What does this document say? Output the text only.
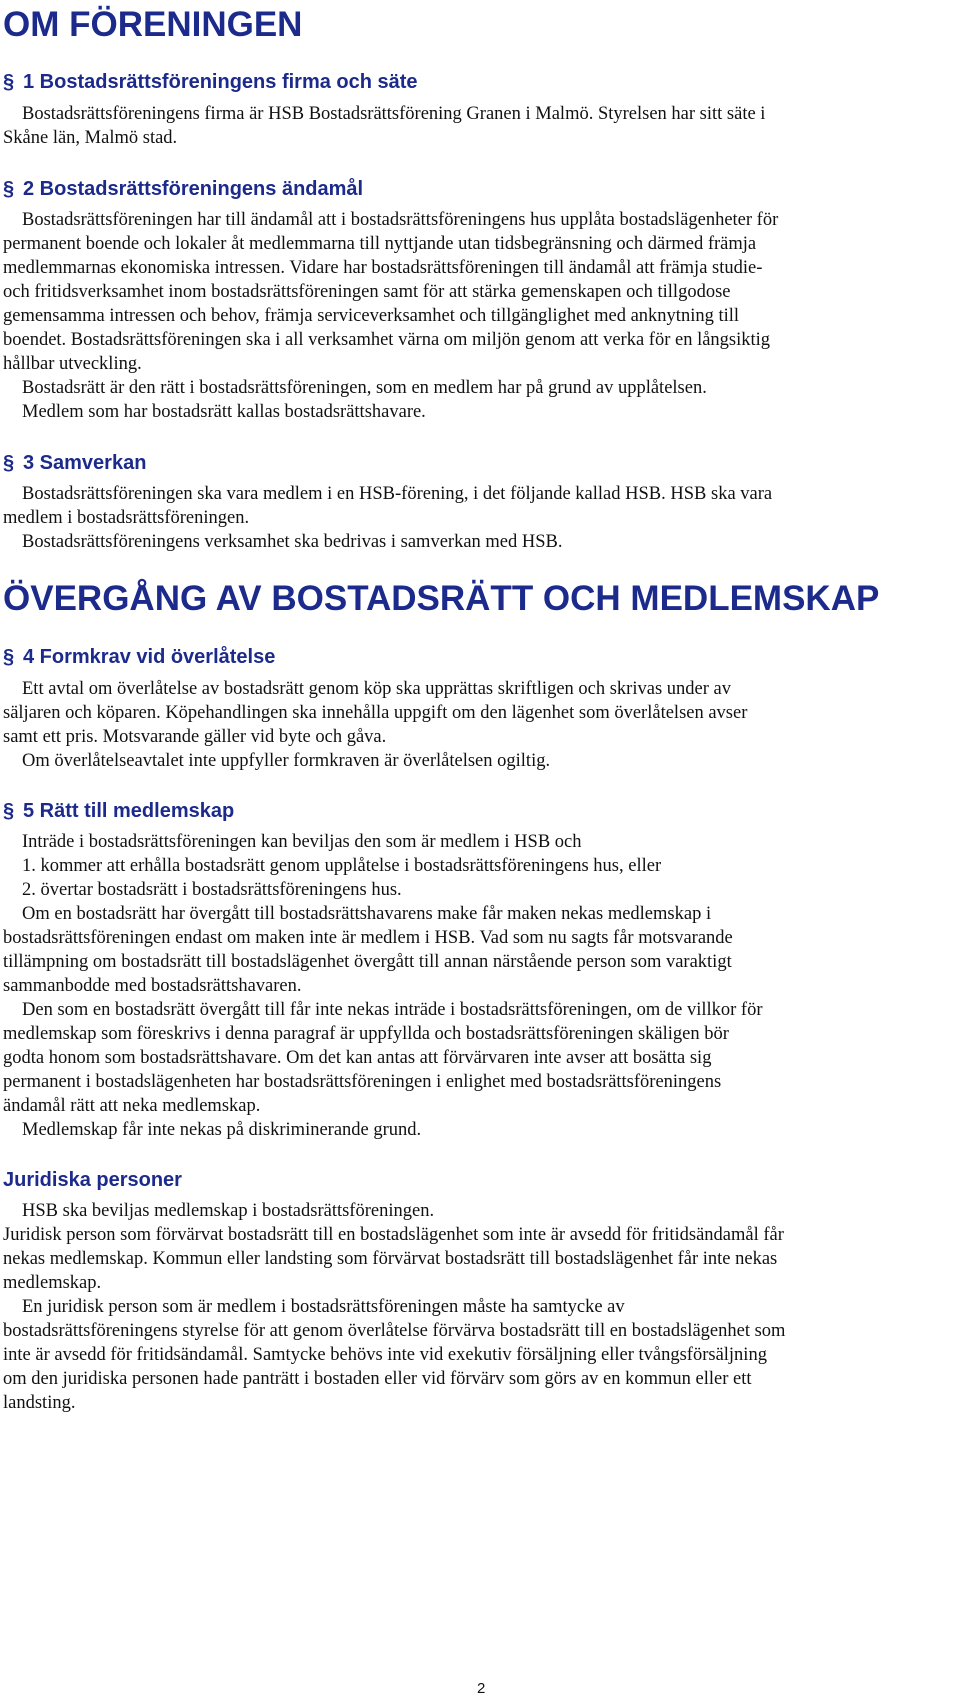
OM FÖRENINGEN
§ 1 Bostadsrättsföreningens firma och säte
Bostadsrättsföreningens firma är HSB Bostadsrättsförening Granen i Malmö. Styrelsen har sitt säte i
Skåne län, Malmö stad.
§ 2 Bostadsrättsföreningens ändamål
Bostadsrättsföreningen har till ändamål att i bostadsrättsföreningens hus upplåta bostadslägenheter för
permanent boende och lokaler åt medlemmarna till nyttjande utan tidsbegränsning och därmed främja
medlemmarnas ekonomiska intressen. Vidare har bostadsrättsföreningen till ändamål att främja studie-
och fritidsverksamhet inom bostadsrättsföreningen samt för att stärka gemenskapen och tillgodose
gemensamma intressen och behov, främja serviceverksamhet och tillgänglighet med anknytning till
boendet. Bostadsrättsföreningen ska i all verksamhet värna om miljön genom att verka för en långsiktig
hållbar utveckling.
Bostadsrätt är den rätt i bostadsrättsföreningen, som en medlem har på grund av upplåtelsen.
Medlem som har bostadsrätt kallas bostadsrättshavare.
§ 3 Samverkan
Bostadsrättsföreningen ska vara medlem i en HSB-förening, i det följande kallad HSB. HSB ska vara
medlem i bostadsrättsföreningen.
Bostadsrättsföreningens verksamhet ska bedrivas i samverkan med HSB.
ÖVERGÅNG AV BOSTADSRÄTT OCH MEDLEMSKAP
§ 4 Formkrav vid överlåtelse
Ett avtal om överlåtelse av bostadsrätt genom köp ska upprättas skriftligen och skrivas under av
säljaren och köparen. Köpehandlingen ska innehålla uppgift om den lägenhet som överlåtelsen avser
samt ett pris. Motsvarande gäller vid byte och gåva.
Om överlåtelseavtalet inte uppfyller formkraven är överlåtelsen ogiltig.
§ 5 Rätt till medlemskap
Inträde i bostadsrättsföreningen kan beviljas den som är medlem i HSB och
1. kommer att erhålla bostadsrätt genom upplåtelse i bostadsrättsföreningens hus, eller
2. övertar bostadsrätt i bostadsrättsföreningens hus.
Om en bostadsrätt har övergått till bostadsrättshavarens make får maken nekas medlemskap i
bostadsrättsföreningen endast om maken inte är medlem i HSB. Vad som nu sagts får motsvarande
tillämpning om bostadsrätt till bostadslägenhet övergått till annan närstående person som varaktigt
sammanbodde med bostadsrättshavaren.
Den som en bostadsrätt övergått till får inte nekas inträde i bostadsrättsföreningen, om de villkor för
medlemskap som föreskrivs i denna paragraf är uppfyllda och bostadsrättsföreningen skäligen bör
godta honom som bostadsrättshavare. Om det kan antas att förvärvaren inte avser att bosätta sig
permanent i bostadslägenheten har bostadsrättsföreningen i enlighet med bostadsrättsföreningens
ändamål rätt att neka medlemskap.
Medlemskap får inte nekas på diskriminerande grund.
Juridiska personer
HSB ska beviljas medlemskap i bostadsrättsföreningen.
Juridisk person som förvärvat bostadsrätt till en bostadslägenhet som inte är avsedd för fritidsändamål får
nekas medlemskap. Kommun eller landsting som förvärvat bostadsrätt till bostadslägenhet får inte nekas
medlemskap.
En juridisk person som är medlem i bostadsrättsföreningen måste ha samtycke av
bostadsrättsföreningens styrelse för att genom överlåtelse förvärva bostadsrätt till en bostadslägenhet som
inte är avsedd för fritidsändamål. Samtycke behövs inte vid exekutiv försäljning eller tvångsförsäljning
om den juridiska personen hade panträtt i bostaden eller vid förvärv som görs av en kommun eller ett
landsting.
2
